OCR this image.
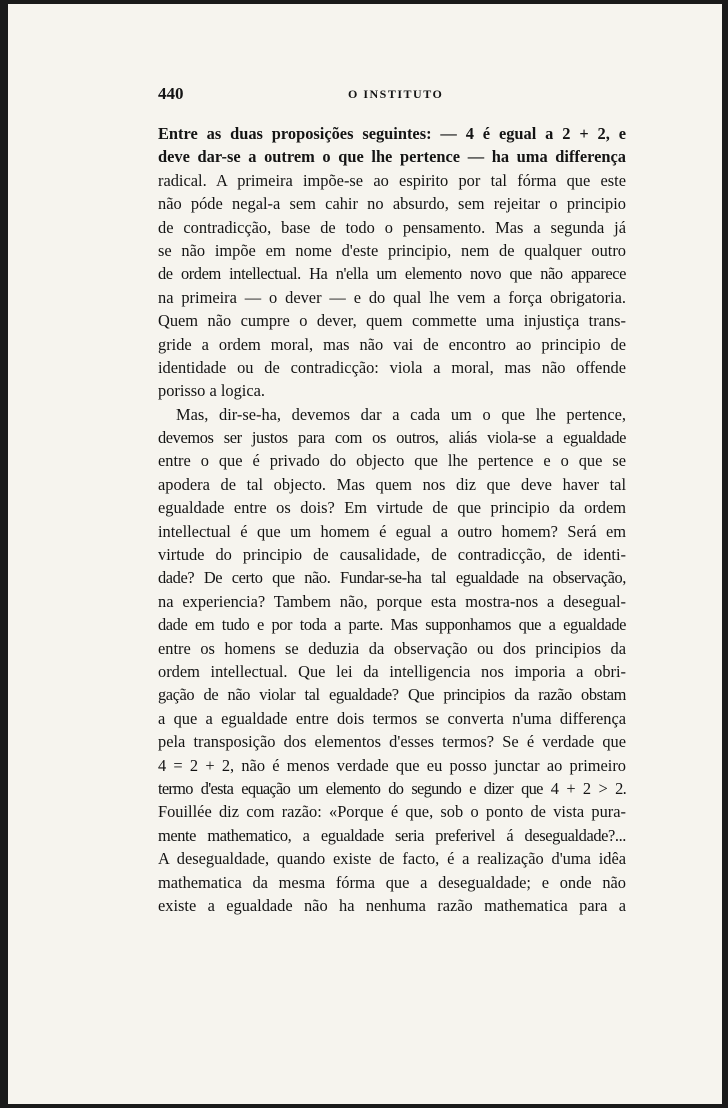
440	O INSTITUTO
Entre as duas proposições seguintes: — 4 é egual a 2 + 2, e
deve dar-se a outrem o que lhe pertence — ha uma differença
radical. A primeira impõe-se ao espirito por tal fórma que este
não póde negal-a sem cahir no absurdo, sem rejeitar o principio
de contradicção, base de todo o pensamento. Mas a segunda já
se não impõe em nome d'este principio, nem de qualquer outro
de ordem intellectual. Ha n'ella um elemento novo que não apparece
na primeira — o dever — e do qual lhe vem a força obrigatoria.
Quem não cumpre o dever, quem commette uma injustiça trans-
gride a ordem moral, mas não vai de encontro ao principio de
identidade ou de contradicção: viola a moral, mas não offende
porisso a logica.
Mas, dir-se-ha, devemos dar a cada um o que lhe pertence,
devemos ser justos para com os outros, aliás viola-se a egualdade
entre o que é privado do objecto que lhe pertence e o que se
apodera de tal objecto. Mas quem nos diz que deve haver tal
egualdade entre os dois? Em virtude de que principio da ordem
intellectual é que um homem é egual a outro homem? Será em
virtude do principio de causalidade, de contradicção, de identi-
dade? De certo que não. Fundar-se-ha tal egualdade na observação,
na experiencia? Tambem não, porque esta mostra-nos a desegual-
dade em tudo e por toda a parte. Mas supponhamos que a egualdade
entre os homens se deduzia da observação ou dos principios da
ordem intellectual. Que lei da intelligencia nos imporia a obri-
gação de não violar tal egualdade? Que principios da razão obstam
a que a egualdade entre dois termos se converta n'uma differença
pela transposição dos elementos d'esses termos? Se é verdade que
4 = 2 + 2, não é menos verdade que eu posso junctar ao primeiro
termo d'esta equação um elemento do segundo e dizer que 4 + 2 > 2.
Fouillée diz com razão: «Porque é que, sob o ponto de vista pura-
mente mathematico, a egualdade seria preferivel á desegualdade?...
A desegualdade, quando existe de facto, é a realização d'uma idêa
mathematica da mesma fórma que a desegualdade; e onde não
existe a egualdade não ha nenhuma razão mathematica para a
